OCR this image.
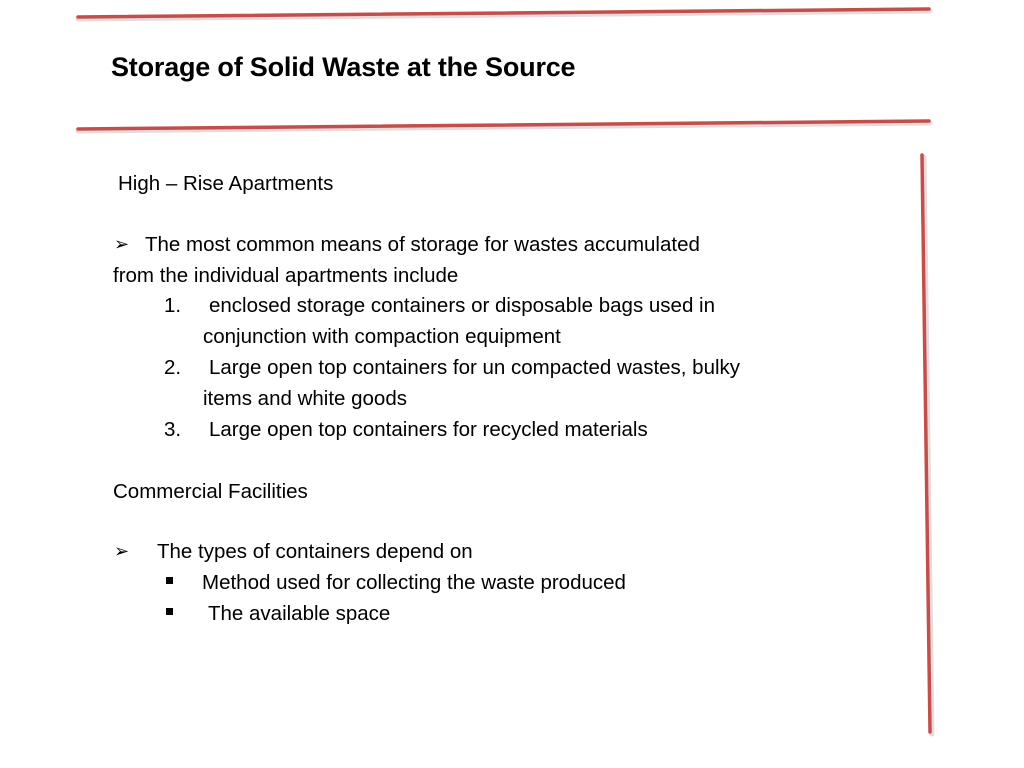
Storage of Solid Waste at the Source
High – Rise Apartments
➢ The most common means of storage for wastes accumulated
from the individual apartments include
1. enclosed storage containers or disposable bags used in
conjunction with compaction equipment
2. Large open top containers for un compacted wastes, bulky
items and white goods
3. Large open top containers for recycled materials
Commercial Facilities
➢ The types of containers depend on
Method used for collecting the waste produced
The available space
